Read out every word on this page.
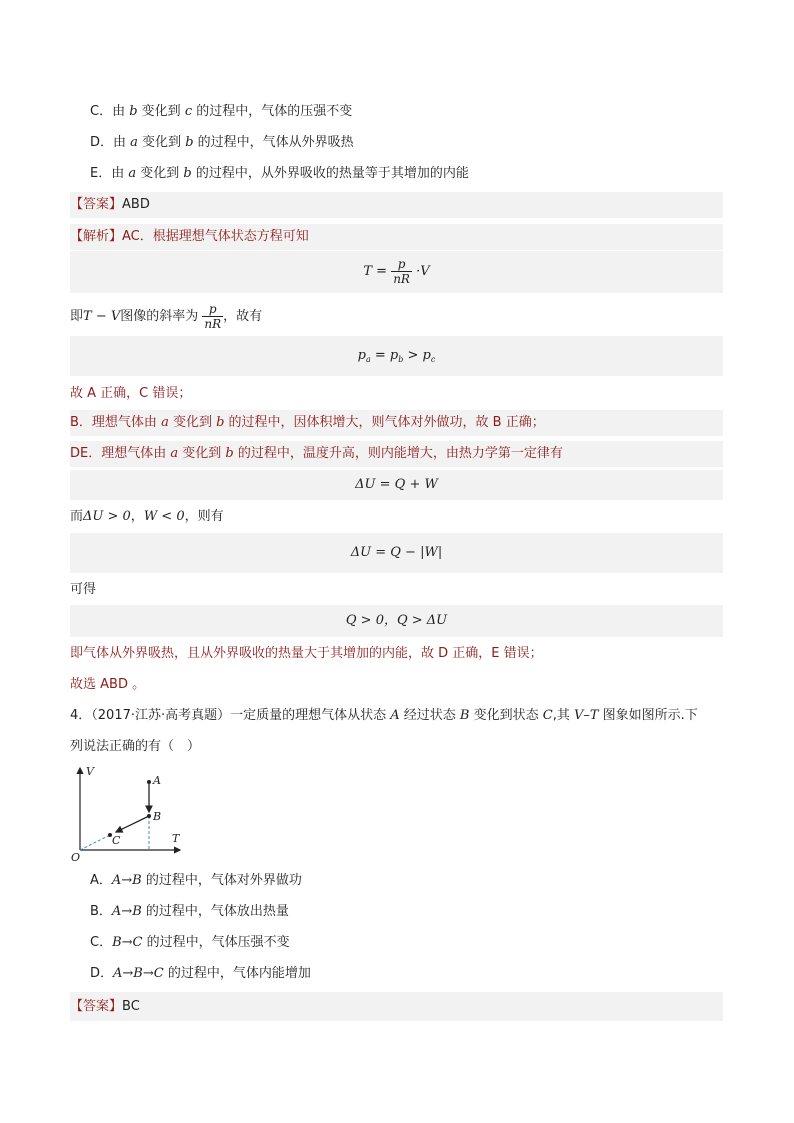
C．由 b 变化到 c 的过程中，气体的压强不变
D．由 a 变化到 b 的过程中，气体从外界吸热
E．由 a 变化到 b 的过程中，从外界吸收的热量等于其增加的内能
【答案】ABD
【解析】AC．根据理想气体状态方程可知
$T = \frac{p}{nR} \cdot V$
即T − V图像的斜率为 $\frac{p}{nR}$ ，故有
$p_a = p_b > p_c$
故 A 正确，C 错误；
B．理想气体由 a 变化到 b 的过程中，因体积增大，则气体对外做功，故 B 正确；
DE．理想气体由 a 变化到 b 的过程中，温度升高，则内能增大，由热力学第一定律有
ΔU = Q + W
而ΔU > 0，W < 0，则有
ΔU = Q − |W|
可得
Q > 0，Q > ΔU
即气体从外界吸热，且从外界吸收的热量大于其增加的内能，故 D 正确，E 错误；
故选 ABD 。
4．（2017·江苏·高考真题）一定质量的理想气体从状态 A 经过状态 B 变化到状态 C,其 V–T 图象如图所示.下
列说法正确的有（　）
V
T
O
A
B
C
A．A→B 的过程中，气体对外界做功
B．A→B 的过程中，气体放出热量
C．B→C 的过程中，气体压强不变
D．A→B→C 的过程中，气体内能增加
【答案】BC
